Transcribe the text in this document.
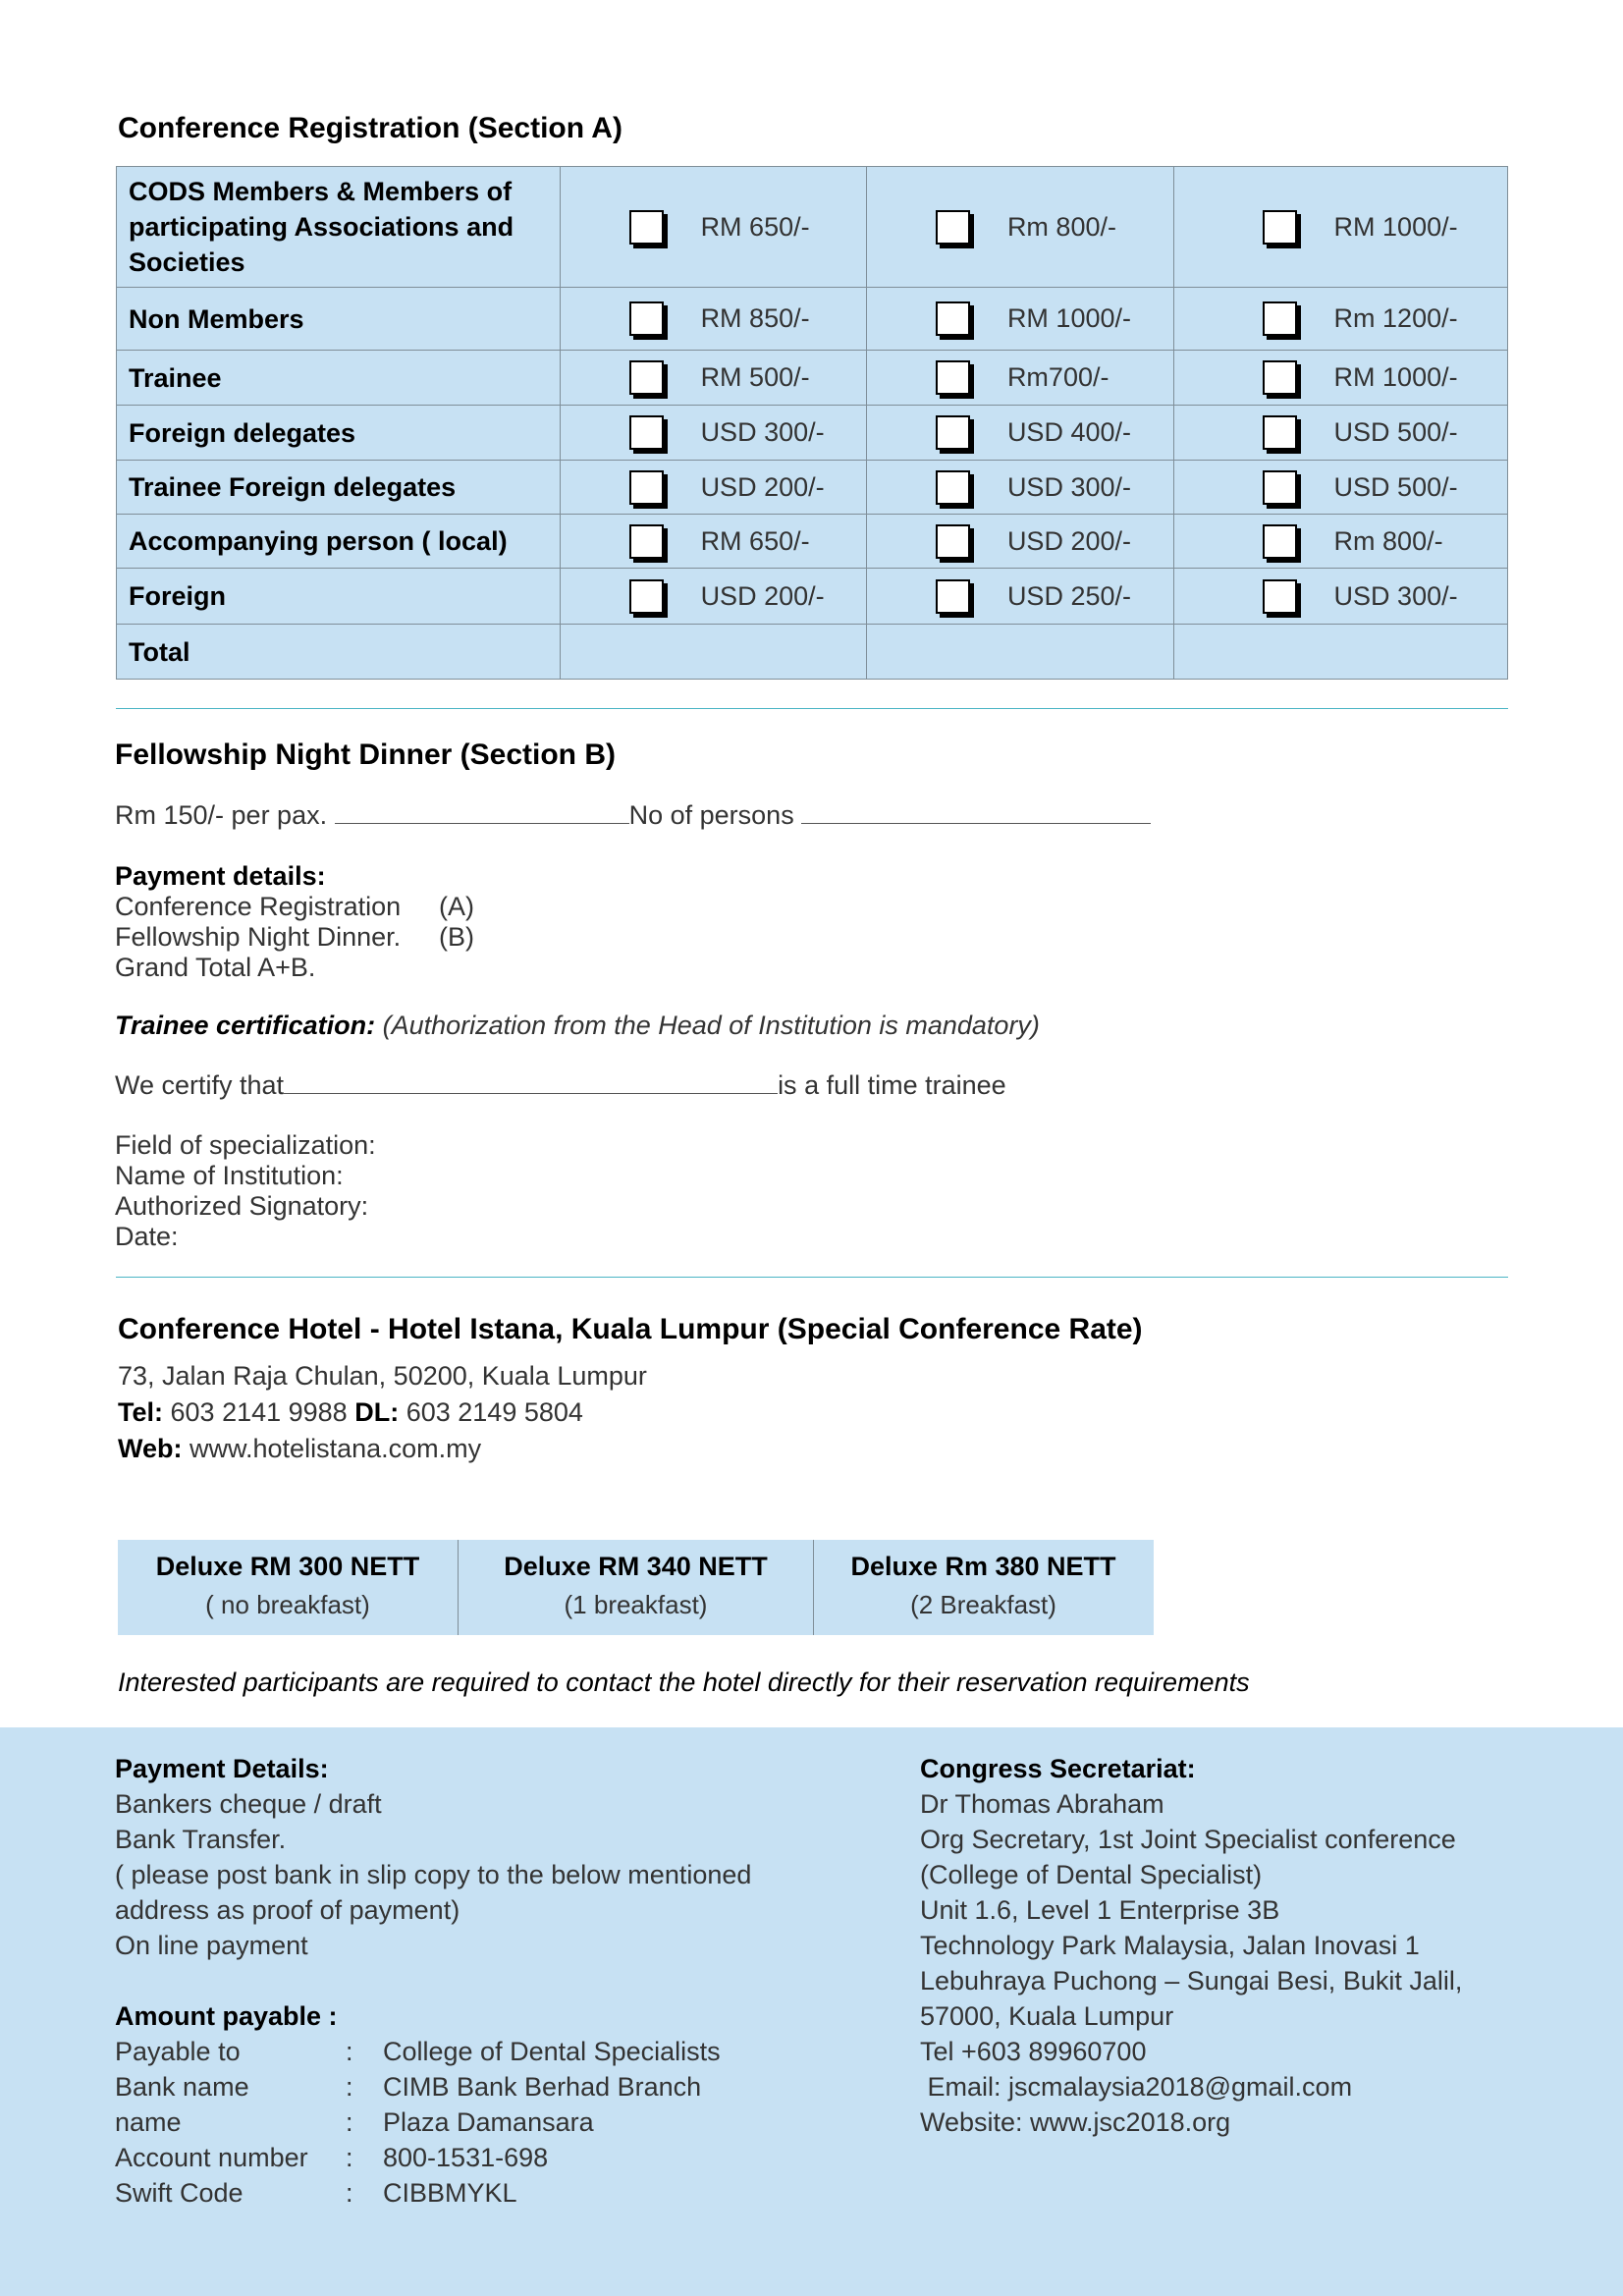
Conference Registration (Section A)
CODS Members & Members of participating Associations and Societies	RM 650/-	Rm 800/-	RM 1000/-

Non Members	RM 850/-	RM 1000/-	Rm 1200/-

Trainee	RM 500/-	Rm700/-	RM 1000/-

Foreign delegates	USD 300/-	USD 400/-	USD 500/-

Trainee Foreign delegates	USD 200/-	USD 300/-	USD 500/-

Accompanying person ( local)	RM 650/-	USD 200/-	Rm 800/-

Foreign	USD 200/-	USD 250/-	USD 300/-

Total			
Fellowship Night Dinner (Section B)
Rm 150/- per pax.	No of persons
Payment details:
Conference Registration (A)
Fellowship Night Dinner. (B)
Grand Total A+B.
Trainee certification: (Authorization from the Head of Institution is mandatory)
We certify that	is a full time trainee
Field of specialization:
Name of Institution:
Authorized Signatory:
Date:
Conference Hotel - Hotel Istana, Kuala Lumpur (Special Conference Rate)
73, Jalan Raja Chulan, 50200, Kuala Lumpur
Tel: 603 2141 9988 DL: 603 2149 5804
Web: www.hotelistana.com.my
Deluxe RM 300 NETT
( no breakfast)
Deluxe RM 340 NETT
(1 breakfast)
Deluxe Rm 380 NETT
(2 Breakfast)
Interested participants are required to contact the hotel directly for their reservation requirements
Payment Details:
Bankers cheque / draft
Bank Transfer.
( please post bank in slip copy to the below mentioned
address as proof of payment)
On line payment
Amount payable :
Payable to	:	College of Dental Specialists
Bank name	:	CIMB Bank Berhad Branch
name	:	Plaza Damansara
Account number	:	800-1531-698
Swift Code	:	CIBBMYKL
Congress Secretariat:
Dr Thomas Abraham
Org Secretary, 1st Joint Specialist conference
(College of Dental Specialist)
Unit 1.6, Level 1 Enterprise 3B
Technology Park Malaysia, Jalan Inovasi 1
Lebuhraya Puchong – Sungai Besi, Bukit Jalil,
57000, Kuala Lumpur
Tel +603 89960700
Email: jscmalaysia2018@gmail.com
Website: www.jsc2018.org
